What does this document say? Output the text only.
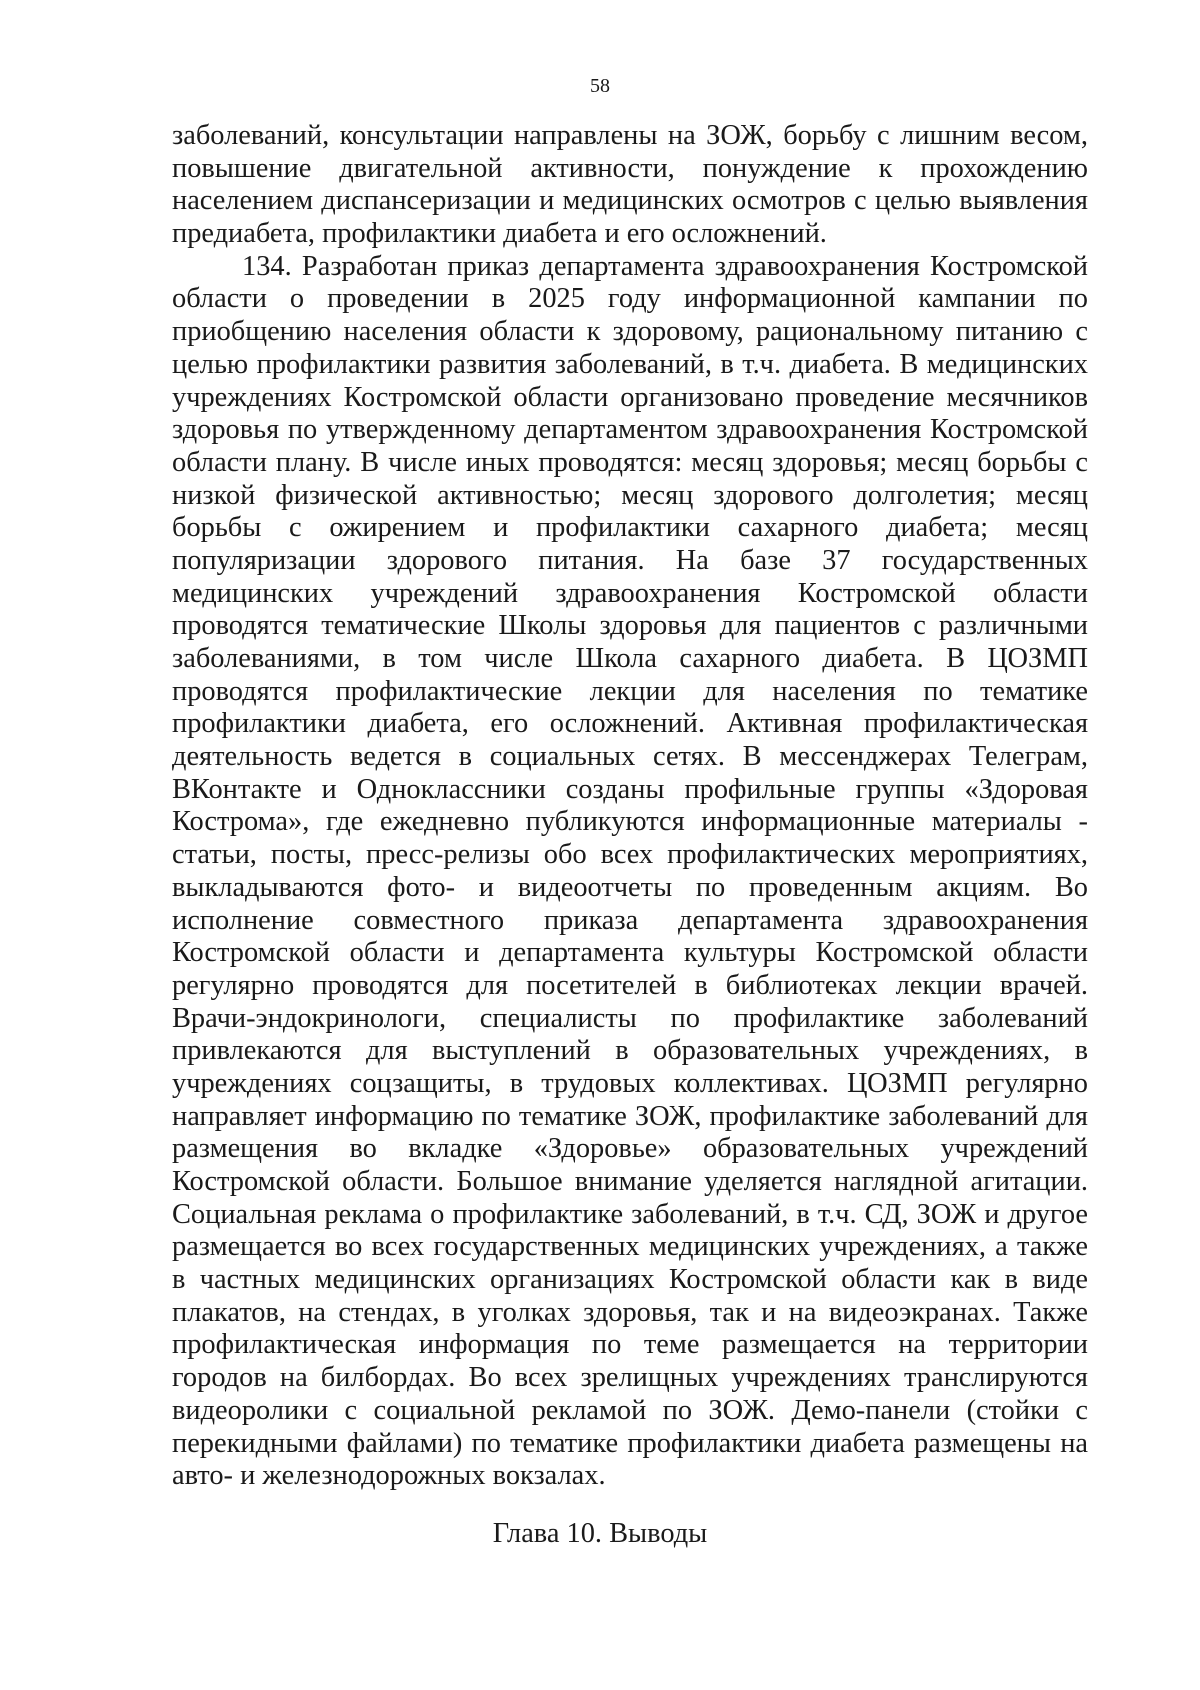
58
заболеваний, консультации направлены на ЗОЖ, борьбу с лишним весом,
повышение двигательной активности, понуждение к прохождению
населением диспансеризации и медицинских осмотров с целью выявления
предиабета, профилактики диабета и его осложнений.
134. Разработан приказ департамента здравоохранения Костромской
области о проведении в 2025 году информационной кампании по
приобщению населения области к здоровому, рациональному питанию с
целью профилактики развития заболеваний, в т.ч. диабета. В медицинских
учреждениях Костромской области организовано проведение месячников
здоровья по утвержденному департаментом здравоохранения Костромской
области плану. В числе иных проводятся: месяц здоровья; месяц борьбы с
низкой физической активностью; месяц здорового долголетия; месяц
борьбы с ожирением и профилактики сахарного диабета; месяц
популяризации здорового питания. На базе 37 государственных
медицинских учреждений здравоохранения Костромской области
проводятся тематические Школы здоровья для пациентов с различными
заболеваниями, в том числе Школа сахарного диабета. В ЦОЗМП
проводятся профилактические лекции для населения по тематике
профилактики диабета, его осложнений. Активная профилактическая
деятельность ведется в социальных сетях. В мессенджерах Телеграм,
ВКонтакте и Одноклассники созданы профильные группы «Здоровая
Кострома», где ежедневно публикуются информационные материалы -
статьи, посты, пресс-релизы обо всех профилактических мероприятиях,
выкладываются фото- и видеоотчеты по проведенным акциям. Во
исполнение совместного приказа департамента здравоохранения
Костромской области и департамента культуры Костромской области
регулярно проводятся для посетителей в библиотеках лекции врачей.
Врачи-эндокринологи, специалисты по профилактике заболеваний
привлекаются для выступлений в образовательных учреждениях, в
учреждениях соцзащиты, в трудовых коллективах. ЦОЗМП регулярно
направляет информацию по тематике ЗОЖ, профилактике заболеваний для
размещения во вкладке «Здоровье» образовательных учреждений
Костромской области. Большое внимание уделяется наглядной агитации.
Социальная реклама о профилактике заболеваний, в т.ч. СД, ЗОЖ и другое
размещается во всех государственных медицинских учреждениях, а также
в частных медицинских организациях Костромской области как в виде
плакатов, на стендах, в уголках здоровья, так и на видеоэкранах. Также
профилактическая информация по теме размещается на территории
городов на билбордах. Во всех зрелищных учреждениях транслируются
видеоролики с социальной рекламой по ЗОЖ. Демо-панели (стойки с
перекидными файлами) по тематике профилактики диабета размещены на
авто- и железнодорожных вокзалах.
Глава 10. Выводы
